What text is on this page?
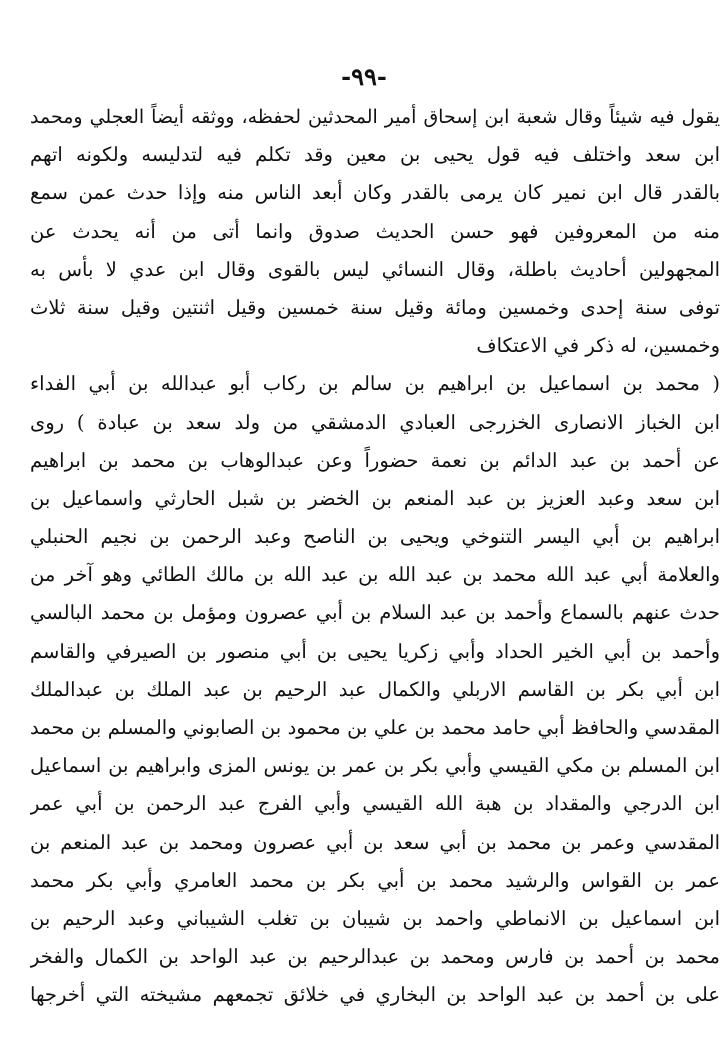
-٩٩-
يقول فيه شيئاً وقال شعبة ابن إسحاق أمير المحدثين لحفظه، ووثقه أيضاً العجلي ومحمد
ابن سعد واختلف فيه قول يحيى بن معين وقد تكلم فيه لتدليسه ولكونه اتهم
بالقدر قال ابن نمير كان يرمى بالقدر وكان أبعد الناس منه وإذا حدث عمن سمع
منه من المعروفين فهو حسن الحديث صدوق وانما أتى من أنه يحدث عن
المجهولين أحاديث باطلة، وقال النسائي ليس بالقوى وقال ابن عدي لا بأس به
توفى سنة إحدى وخمسين ومائة وقيل سنة خمسين وقيل اثنتين وقيل سنة ثلاث
وخمسين، له ذكر في الاعتكاف
( محمد بن اسماعيل بن ابراهيم بن سالم بن ركاب أبو عبدالله بن أبي الفداء
ابن الخباز الانصارى الخزرجى العبادي الدمشقي من ولد سعد بن عبادة ) روى
عن أحمد بن عبد الدائم بن نعمة حضوراً وعن عبدالوهاب بن محمد بن ابراهيم
ابن سعد وعبد العزيز بن عبد المنعم بن الخضر بن شبل الحارثي واسماعيل بن
ابراهيم بن أبي اليسر التنوخي ويحيى بن الناصح وعبد الرحمن بن نجيم الحنبلي
والعلامة أبي عبد الله محمد بن عبد الله بن عبد الله بن مالك الطائي وهو آخر من
حدث عنهم بالسماع وأحمد بن عبد السلام بن أبي عصرون ومؤمل بن محمد البالسي
وأحمد بن أبي الخير الحداد وأبي زكريا يحيى بن أبي منصور بن الصيرفي والقاسم
ابن أبي بكر بن القاسم الاربلي والكمال عبد الرحيم بن عبد الملك بن عبدالملك
المقدسي والحافظ أبي حامد محمد بن علي بن محمود بن الصابوني والمسلم بن محمد
ابن المسلم بن مكي القيسي وأبي بكر بن عمر بن يونس المزى وابراهيم بن اسماعيل
ابن الدرجي والمقداد بن هبة الله القيسي وأبي الفرج عبد الرحمن بن أبي عمر
المقدسي وعمر بن محمد بن أبي سعد بن أبي عصرون ومحمد بن عبد المنعم بن
عمر بن القواس والرشيد محمد بن أبي بكر بن محمد العامري وأبي بكر محمد
ابن اسماعيل بن الانماطي واحمد بن شيبان بن تغلب الشيباني وعبد الرحيم بن
محمد بن أحمد بن فارس ومحمد بن عبدالرحيم بن عبد الواحد بن الكمال والفخر
على بن أحمد بن عبد الواحد بن البخاري في خلائق تجمعهم مشيخته التي أخرجها
